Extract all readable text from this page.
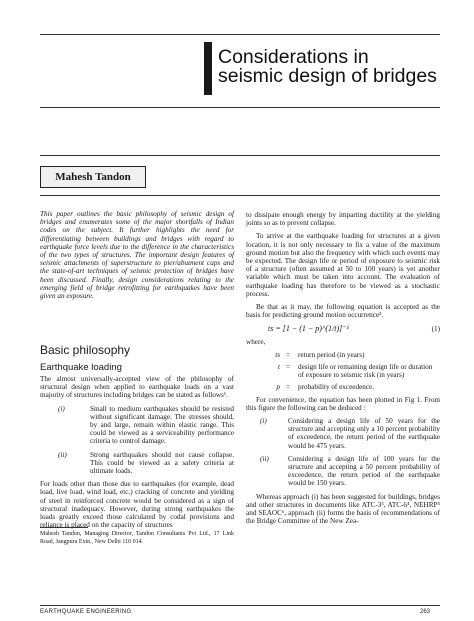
Considerations in
seismic design of bridges
Mahesh Tandon

This paper outlines the basic philosophy of seismic design of bridges and enumerates some of the major shortfalls of Indian codes on the subject. It further highlights the need for differentiating between buildings and bridges with regard to earthquake force levels due to the difference in the characteristics of the two types of structures. The important design features of seismic attachments of superstructure to pier/abutment caps and the state-of-art techniques of seismic protection of bridges have been discussed. Finally, design considerations relating to the emerging field of bridge retrofitting for earthquakes have been given an exposure.

Basic philosophy
Earthquake loading

The almost universally-accepted view of the philosophy of structural design when applied to earthquake loads on a vast majority of structures including bridges can be stated as follows¹.

(i)	Small to medium earthquakes should be resisted without significant damage. The stresses should, by and large, remain within elastic range. This could be viewed as a serviceability performance criteria to control damage.
(ii)	Strong earthquakes should not cause collapse. This could be viewed as a safety criteria at ultimate loads.

For loads other than those due to earthquakes (for example, dead load, live load, wind load, etc.) cracking of concrete and yielding of steel in reinforced concrete would be considered as a sign of structural inadequacy. However, during strong earthquakes the loads greatly exceed those calculated by codal provisions and reliance is placed on the capacity of structures

Mahesh Tandon, Managing Director, Tandon Consultants Pvt Ltd., 17 Link Road, Jangpura Extn., New Delhi 110 014.

to dissipate enough energy by imparting ductility at the yielding joints so as to prevent collapse.

To arrive at the earthquake loading for structures at a given location, it is not only necessary to fix a value of the maximum ground motion but also the frequency with which such events may be expected. The design life or period of exposure to seismic risk of a structure (often assumed at 50 to 100 years) is yet another variable which must be taken into account. The evaluation of earthquake loading has therefore to be viewed as a stochastic process.

Be that as it may, the following equation is accepted as the basis for predicting ground motion occurrence².

ts = [1 − (1 − p)^(1/t)]⁻¹	(1)

where,

ts =	return period (in years)
t =	design life or remaining design life or duration of exposure to seismic risk (in years)
p =	probability of exceedence.

For convenience, the equation has been plotted in Fig 1. From this figure the following can be deduced :

(i)	Considering a design life of 50 years for the structure and accepting only a 10 percent probability of exceedence, the return period of the earthquake would be 475 years.
(ii)	Considering a design life of 100 years for the structure and accepting a 50 percent probability of exceedence, the return period of the earthquake would be 150 years.

Whereas approach (i) has been suggested for buildings, bridges and other structures in documents like ATC-3³, ATC-6⁴, NEHRP⁵ and SEAOC⁶, approach (ii) forms the basis of recommendations of the Bridge Committee of the New Zea-

EARTHQUAKE ENGINEERING	263
